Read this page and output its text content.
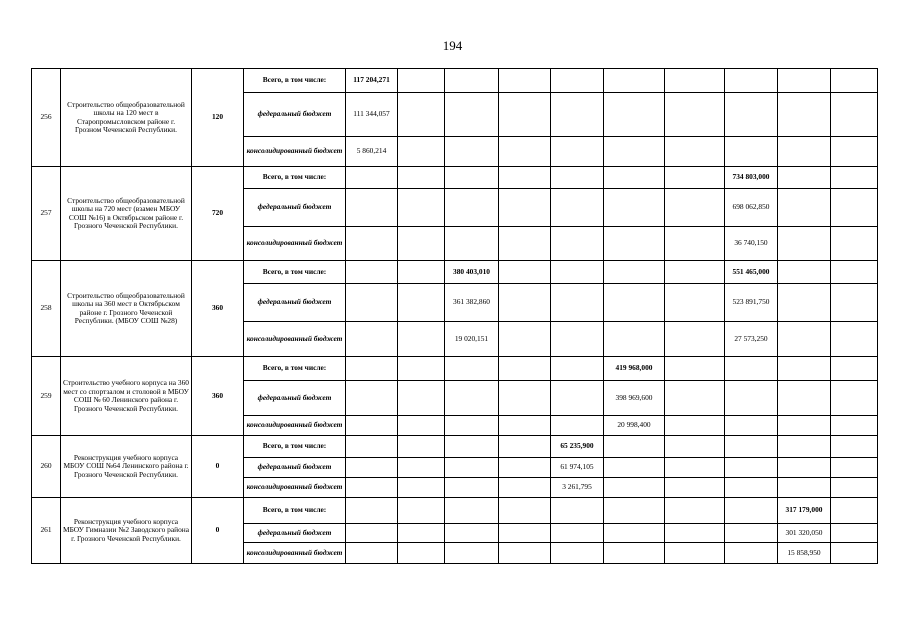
194
256	Строительство общеобразовательной школы на 120 мест в Старопромысловском районе г. Грозном Чеченской Республики.	120	Всего, в том числе:	117 204,271									
			федеральный бюджет	111 344,057									
			консолидированный бюджет	5 860,214									
257	Строительство общеобразовательной школы на 720 мест (взамен МБОУ СОШ №16) в Октябрьском районе г. Грозного Чеченской Республики.	720	Всего, в том числе:								734 803,000		
			федеральный бюджет								698 062,850		
			консолидированный бюджет								36 740,150		
258	Строительство общеобразовательной школы на 360 мест в Октябрьском районе г. Грозного Чеченской Республики. (МБОУ СОШ №28)	360	Всего, в том числе:			380 403,010					551 465,000		
			федеральный бюджет			361 382,860					523 891,750		
			консолидированный бюджет			19 020,151					27 573,250		
259	Строительство учебного корпуса на 360 мест со спортзалом и столовой в МБОУ СОШ № 60 Ленинского района г. Грозного Чеченской Республики.	360	Всего, в том числе:						419 968,000				
			федеральный бюджет						398 969,600				
			консолидированный бюджет						20 998,400				
260	Реконструкция учебного корпуса МБОУ СОШ №64 Ленинского района г. Грозного Чеченской Республики.	0	Всего, в том числе:					65 235,900					
			федеральный бюджет					61 974,105					
			консолидированный бюджет					3 261,795					
261	Реконструкция учебного корпуса МБОУ Гимназии №2 Заводского района г. Грозного Чеченской Республики.	0	Всего, в том числе:									317 179,000	
			федеральный бюджет									301 320,050	
			консолидированный бюджет									15 858,950	
